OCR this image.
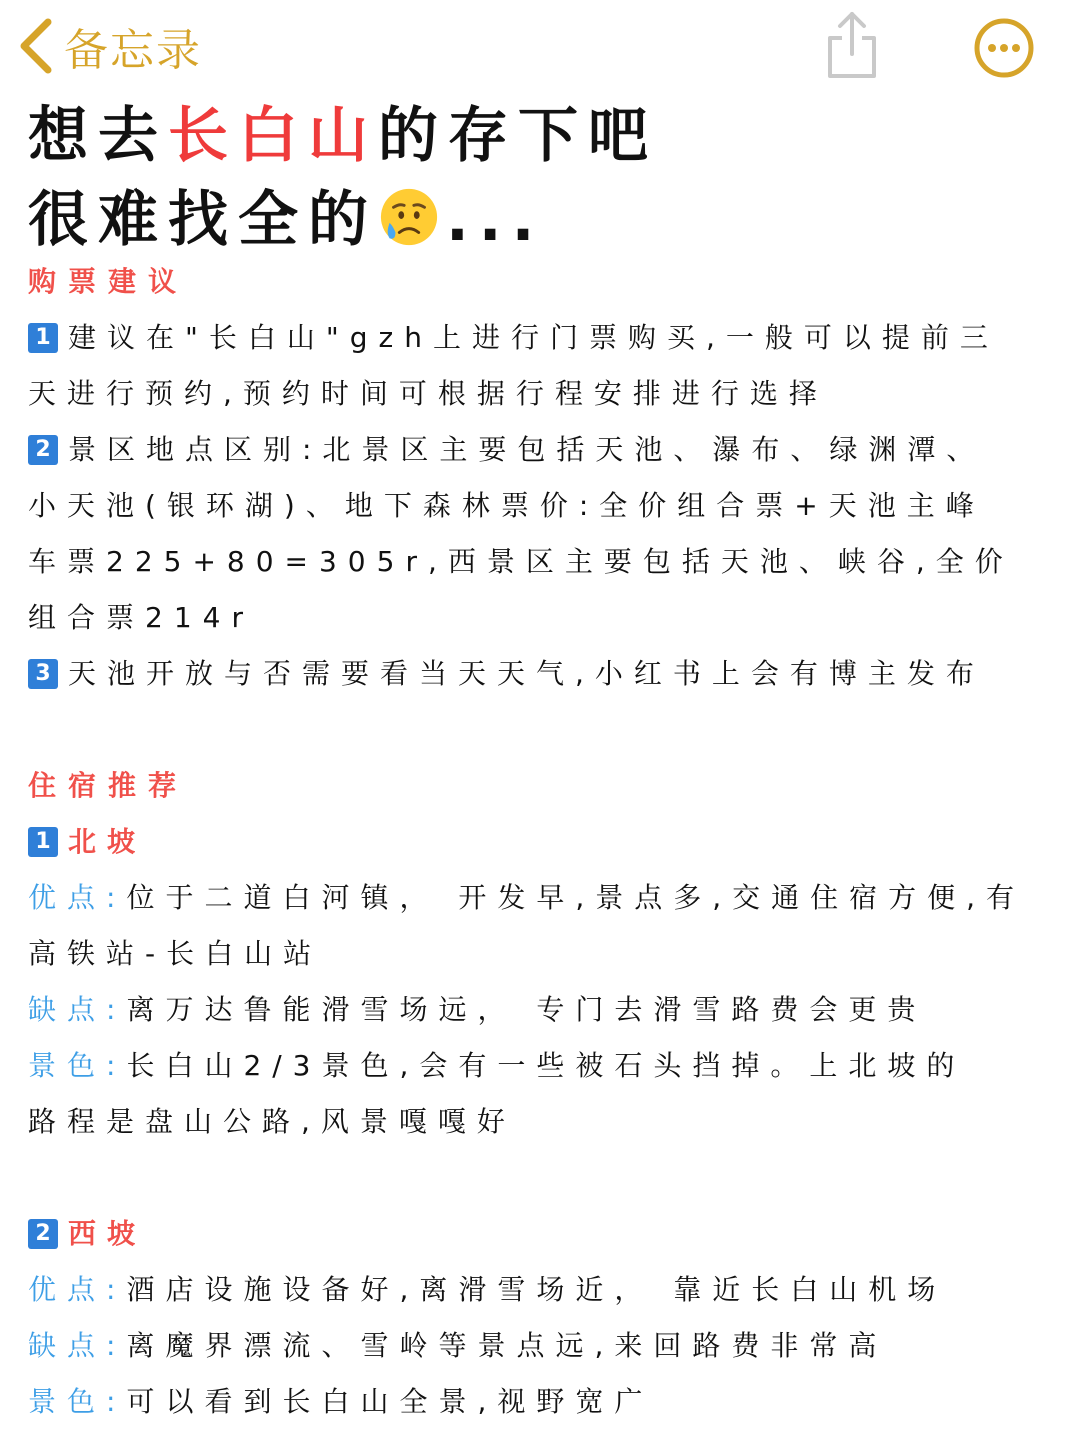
备忘录
想去长白山的存下吧
很难找全的 ...
购票建议
1 建议在"长白山"gzh上进行门票购买,一般可以提前三
天进行预约,预约时间可根据行程安排进行选择
2 景区地点区别:北景区主要包括天池、瀑布、绿渊潭、
小天池(银环湖)、地下森林票价:全价组合票+天池主峰
车票225+80=305r,西景区主要包括天池、峡谷,全价
组合票214r
3 天池开放与否需要看当天天气,小红书上会有博主发布
住宿推荐
1 北坡
优点:位于二道白河镇， 开发早,景点多,交通住宿方便,有
高铁站-长白山站
缺点:离万达鲁能滑雪场远， 专门去滑雪路费会更贵
景色:长白山2/3景色,会有一些被石头挡掉。上北坡的
路程是盘山公路,风景嘎嘎好
2 西坡
优点:酒店设施设备好,离滑雪场近， 靠近长白山机场
缺点:离魔界漂流、雪岭等景点远,来回路费非常高
景色:可以看到长白山全景,视野宽广
